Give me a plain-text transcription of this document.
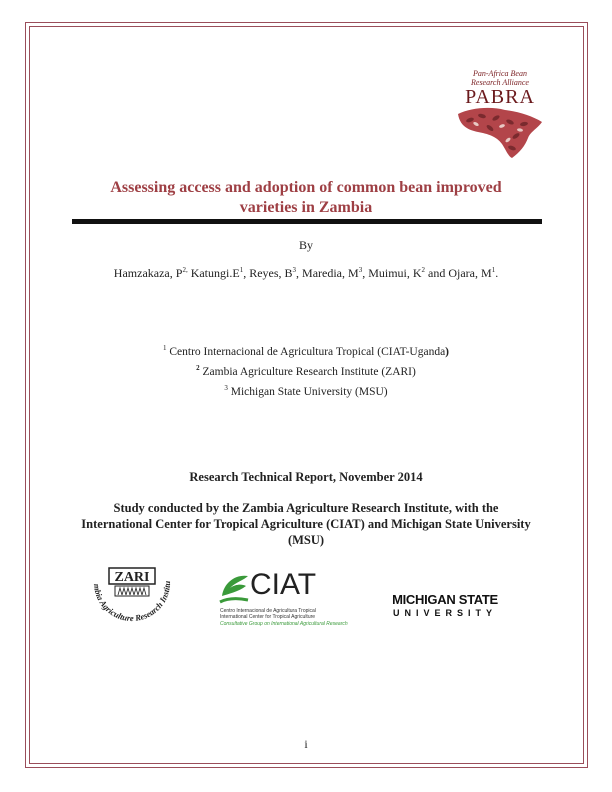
Pan-Africa Bean
Research Alliance
PABRA
Assessing access and adoption of common bean improved
varieties in Zambia
By
Hamzakaza, $P^{2,}$ $Katungi.E^1$, Reyes, $B^3$, Maredia, $M^3$, Muimui, $K^2$ and Ojara, $M^1$.
$^1$ Centro Internacional de Agricultura Tropical (CIAT-Uganda)
$^2$ Zambia Agriculture Research Institute (ZARI)
$^3$ Michigan State University (MSU)
Research Technical Report, November 2014
Study conducted by the Zambia Agriculture Research Institute, with the International Center for Tropical Agriculture (CIAT) and Michigan State University (MSU)
mbia Agriculture Research Institu
ZARI	CIAT
Centro Internacional de Agricultura Tropical
International Center for Tropical Agriculture
Consultative Group on International Agricultural Research
MICHIGAN STATE
UNIVERSITY
i
